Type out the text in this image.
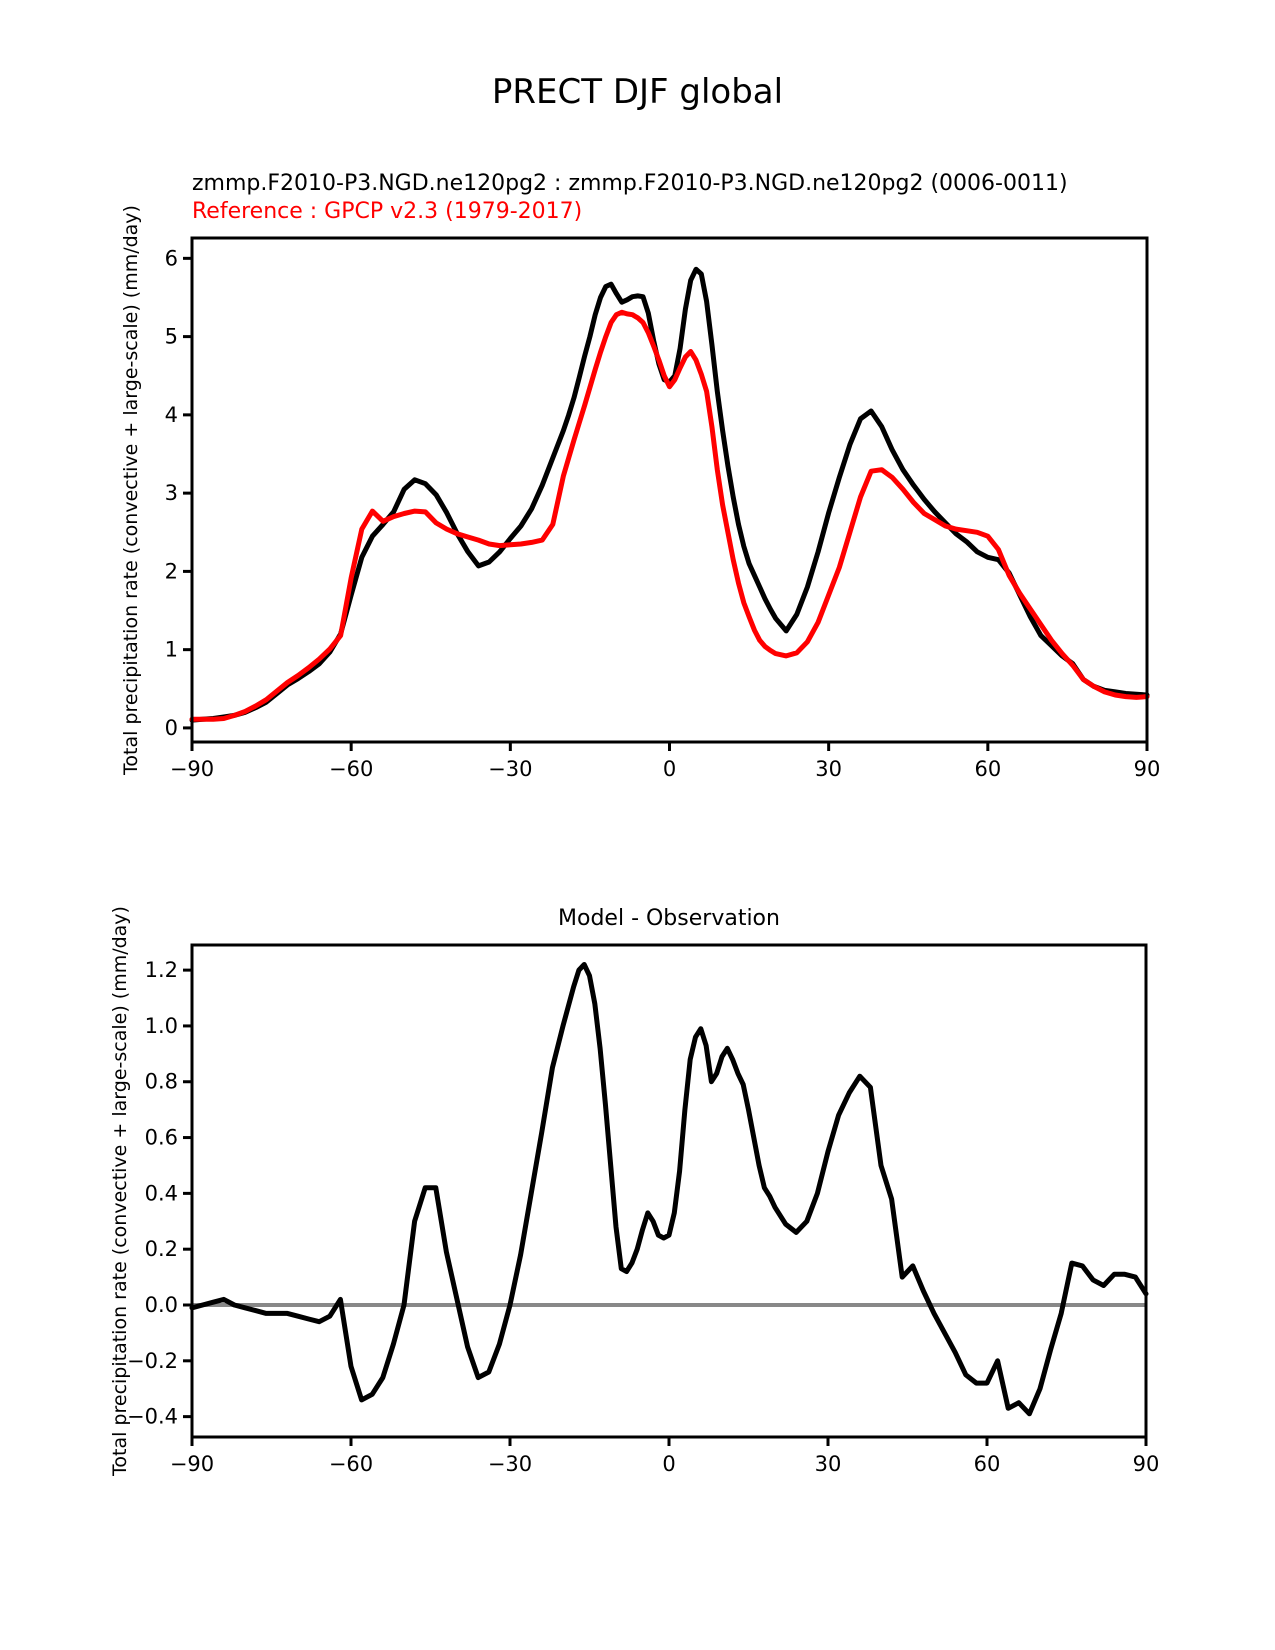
PRECT DJF global
zmmp.F2010-P3.NGD.ne120pg2 : zmmp.F2010-P3.NGD.ne120pg2 (0006-0011)
Reference : GPCP v2.3 (1979-2017)
Total precipitation rate (convective + large-scale) (mm/day)
Model - Observation
Total precipitation rate (convective + large-scale) (mm/day)
−90	−60	−30	0	30	60	90
0
1
2
3
4
5
6
−90	−60	−30	0	30	60	90
−0.4
−0.2
0.0
0.2
0.4
0.6
0.8
1.0
1.2
